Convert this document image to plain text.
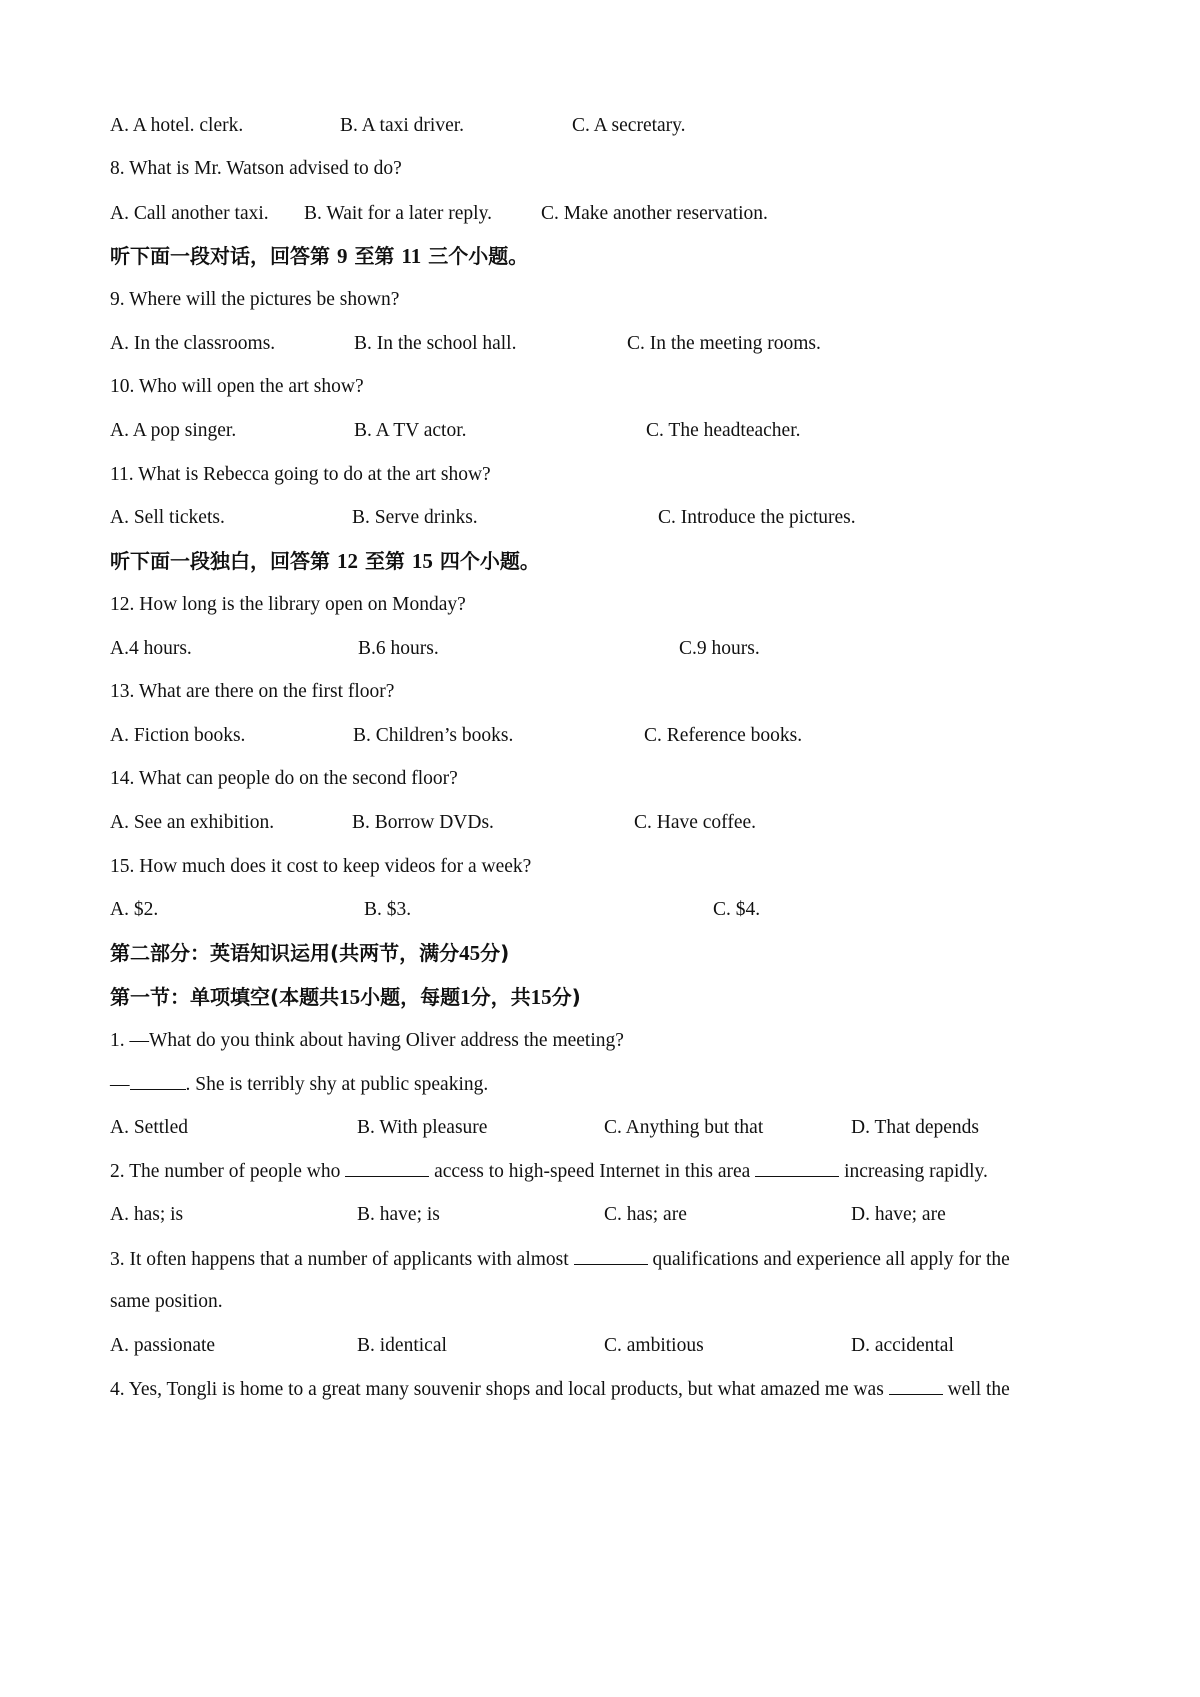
A. A hotel. clerk.	B. A taxi driver.	C. A secretary.
8. What is Mr. Watson advised to do?
A. Call another taxi. B. Wait for a later reply.	C. Make another reservation.
听下面一段对话，回答第 9 至第 11 三个小题。
9. Where will the pictures be shown?
A. In the classrooms.	B. In the school hall.	C. In the meeting rooms.
10. Who will open the art show?
A. A pop singer.	B. A TV actor.	C. The headteacher.
11. What is Rebecca going to do at the art show?
A. Sell tickets.	B. Serve drinks.	C. Introduce the pictures.
听下面一段独白，回答第 12 至第 15 四个小题。
12. How long is the library open on Monday?
A.4 hours.	B.6 hours.	C.9 hours.
13. What are there on the first floor?
A. Fiction books.	B. Children’s books.	C. Reference books.
14. What can people do on the second floor?
A. See an exhibition.	B. Borrow DVDs.	C. Have coffee.
15. How much does it cost to keep videos for a week?
A. $2.	B. $3.	C. $4.
第二部分：英语知识运用(共两节，满分45分)
第一节：单项填空(本题共15小题，每题1分，共15分)
1. —What do you think about having Oliver address the meeting?
—	. She is terribly shy at public speaking.
A. Settled	B. With pleasure	C. Anything but that	D. That depends
2. The number of people who	access to high-speed Internet in this area	increasing rapidly.
A. has; is	B. have; is	C. has; are	D. have; are
3. It often happens that a number of applicants with almost	qualifications and experience all apply for the
same position.
A. passionate	B. identical	C. ambitious	D. accidental
4. Yes, Tongli is home to a great many souvenir shops and local products, but what amazed me was	well the
